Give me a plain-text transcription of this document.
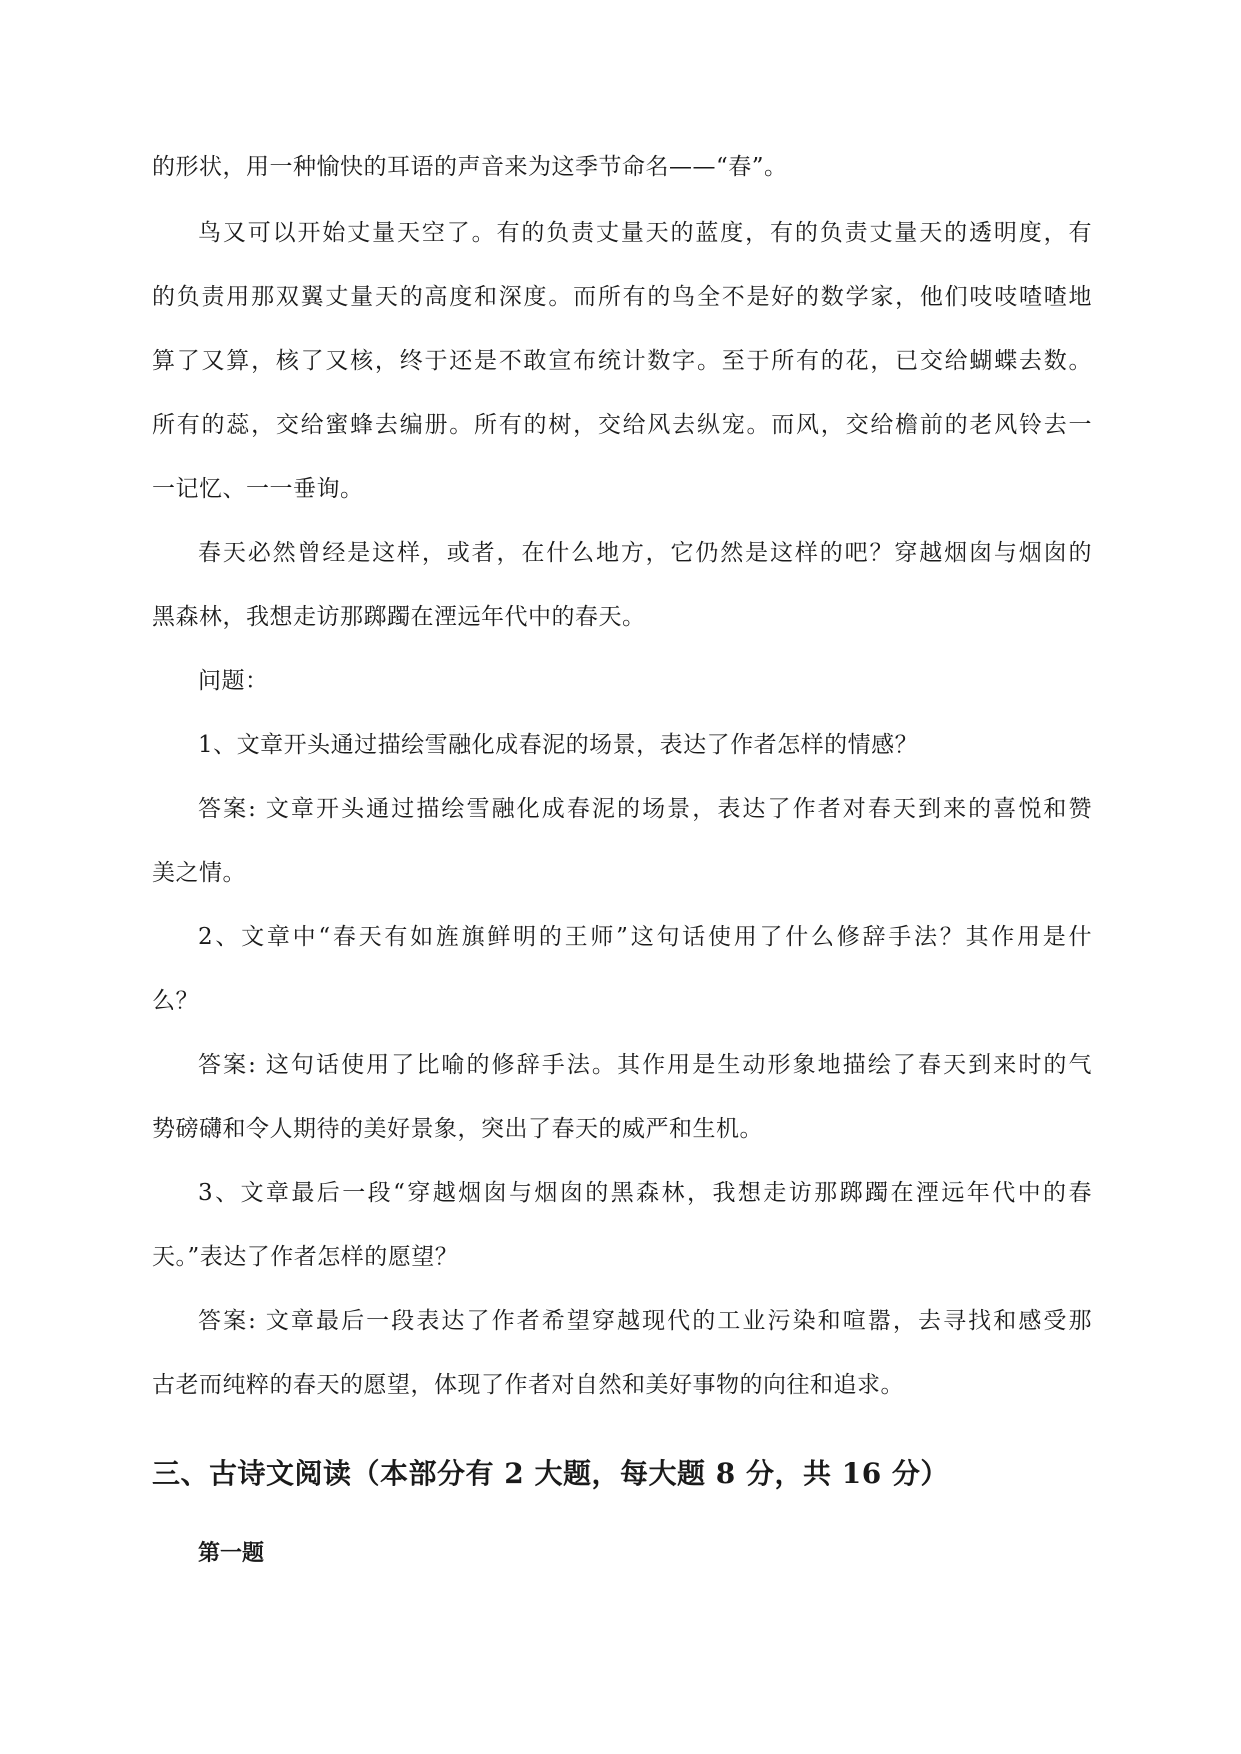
的形状，用一种愉快的耳语的声音来为这季节命名——“春”。
鸟又可以开始丈量天空了。有的负责丈量天的蓝度，有的负责丈量天的透明度，有
的负责用那双翼丈量天的高度和深度。而所有的鸟全不是好的数学家，他们吱吱喳喳地
算了又算，核了又核，终于还是不敢宣布统计数字。至于所有的花，已交给蝴蝶去数。
所有的蕊，交给蜜蜂去编册。所有的树，交给风去纵宠。而风，交给檐前的老风铃去一
一记忆、一一垂询。
春天必然曾经是这样，或者，在什么地方，它仍然是这样的吧？穿越烟囱与烟囱的
黑森林，我想走访那踯躅在湮远年代中的春天。
问题：
1、文章开头通过描绘雪融化成春泥的场景，表达了作者怎样的情感？
答案: 文章开头通过描绘雪融化成春泥的场景，表达了作者对春天到来的喜悦和赞
美之情。
2、文章中“春天有如旌旗鲜明的王师”这句话使用了什么修辞手法？其作用是什
么？
答案: 这句话使用了比喻的修辞手法。其作用是生动形象地描绘了春天到来时的气
势磅礴和令人期待的美好景象，突出了春天的威严和生机。
3、文章最后一段“穿越烟囱与烟囱的黑森林，我想走访那踯躅在湮远年代中的春
天。”表达了作者怎样的愿望？
答案: 文章最后一段表达了作者希望穿越现代的工业污染和喧嚣，去寻找和感受那
古老而纯粹的春天的愿望，体现了作者对自然和美好事物的向往和追求。
三、古诗文阅读（本部分有 2 大题，每大题 8 分，共 16 分）
第一题
